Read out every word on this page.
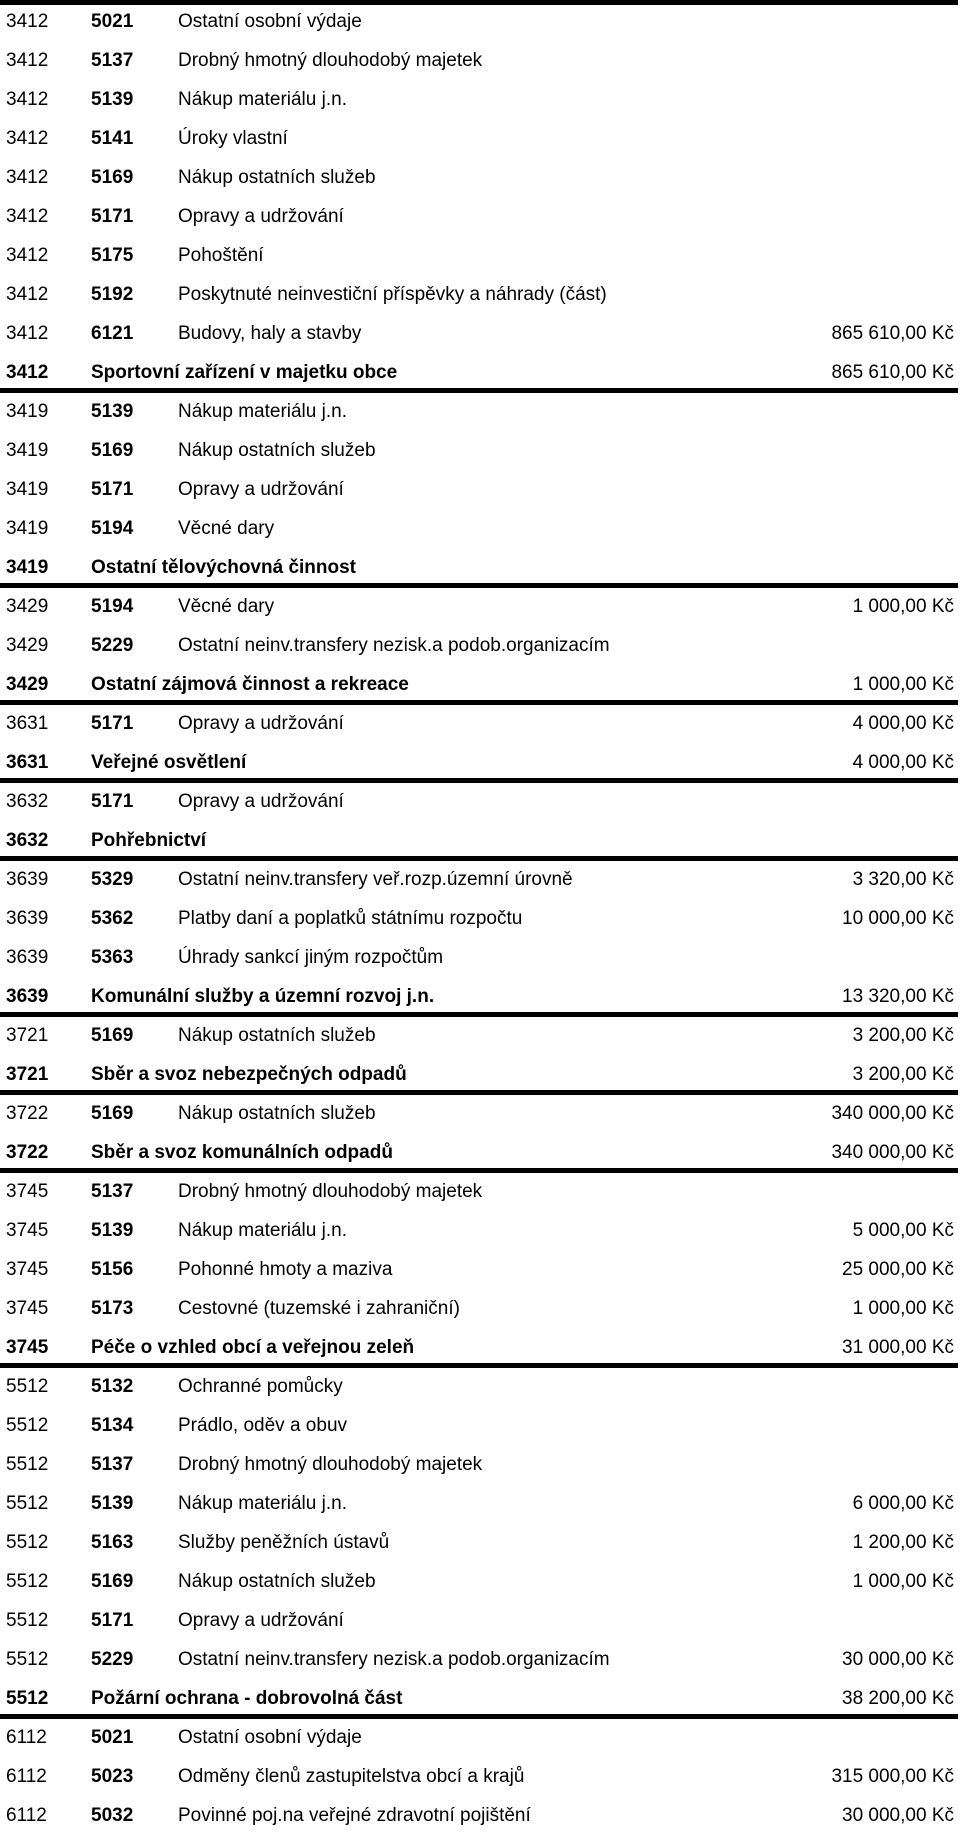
3412 5021 Ostatní osobní výdaje
3412 5137 Drobný hmotný dlouhodobý majetek
3412 5139 Nákup materiálu j.n.
3412 5141 Úroky vlastní
3412 5169 Nákup ostatních služeb
3412 5171 Opravy a udržování
3412 5175 Pohoštění
3412 5192 Poskytnuté neinvestiční příspěvky a náhrady (část)
3412 6121 Budovy, haly a stavby	865 610,00 Kč
3412 Sportovní zařízení v majetku obce	865 610,00 Kč
3419 5139 Nákup materiálu j.n.
3419 5169 Nákup ostatních služeb
3419 5171 Opravy a udržování
3419 5194 Věcné dary
3419 Ostatní tělovýchovná činnost
3429 5194 Věcné dary	1 000,00 Kč
3429 5229 Ostatní neinv.transfery nezisk.a podob.organizacím
3429 Ostatní zájmová činnost a rekreace	1 000,00 Kč
3631 5171 Opravy a udržování	4 000,00 Kč
3631 Veřejné osvětlení	4 000,00 Kč
3632 5171 Opravy a udržování
3632 Pohřebnictví
3639 5329 Ostatní neinv.transfery veř.rozp.územní úrovně	3 320,00 Kč
3639 5362 Platby daní a poplatků státnímu rozpočtu	10 000,00 Kč
3639 5363 Úhrady sankcí jiným rozpočtům
3639 Komunální služby a územní rozvoj j.n.	13 320,00 Kč
3721 5169 Nákup ostatních služeb	3 200,00 Kč
3721 Sběr a svoz nebezpečných odpadů	3 200,00 Kč
3722 5169 Nákup ostatních služeb	340 000,00 Kč
3722 Sběr a svoz komunálních odpadů	340 000,00 Kč
3745 5137 Drobný hmotný dlouhodobý majetek
3745 5139 Nákup materiálu j.n.	5 000,00 Kč
3745 5156 Pohonné hmoty a maziva	25 000,00 Kč
3745 5173 Cestovné (tuzemské i zahraniční)	1 000,00 Kč
3745 Péče o vzhled obcí a veřejnou zeleň	31 000,00 Kč
5512 5132 Ochranné pomůcky
5512 5134 Prádlo, oděv a obuv
5512 5137 Drobný hmotný dlouhodobý majetek
5512 5139 Nákup materiálu j.n.	6 000,00 Kč
5512 5163 Služby peněžních ústavů	1 200,00 Kč
5512 5169 Nákup ostatních služeb	1 000,00 Kč
5512 5171 Opravy a udržování
5512 5229 Ostatní neinv.transfery nezisk.a podob.organizacím	30 000,00 Kč
5512 Požární ochrana - dobrovolná část	38 200,00 Kč
6112 5021 Ostatní osobní výdaje
6112 5023 Odměny členů zastupitelstva obcí a krajů	315 000,00 Kč
6112 5032 Povinné poj.na veřejné zdravotní pojištění	30 000,00 Kč
